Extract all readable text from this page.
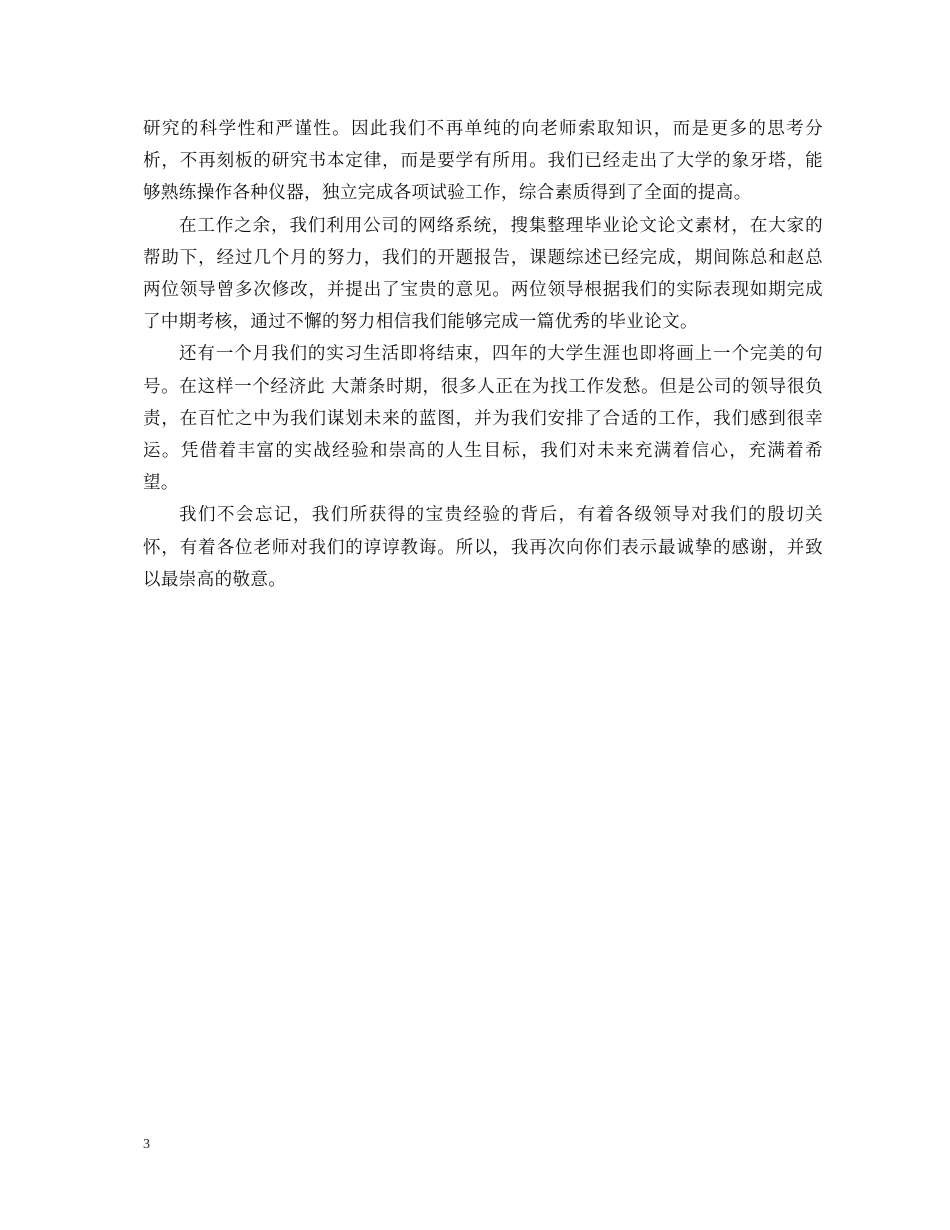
研究的科学性和严谨性。因此我们不再单纯的向老师索取知识，而是更多的思考分析，不再刻板的研究书本定律，而是要学有所用。我们已经走出了大学的象牙塔，能够熟练操作各种仪器，独立完成各项试验工作，综合素质得到了全面的提高。

在工作之余，我们利用公司的网络系统，搜集整理毕业论文论文素材，在大家的帮助下，经过几个月的努力，我们的开题报告，课题综述已经完成，期间陈总和赵总两位领导曾多次修改，并提出了宝贵的意见。两位领导根据我们的实际表现如期完成了中期考核，通过不懈的努力相信我们能够完成一篇优秀的毕业论文。

还有一个月我们的实习生活即将结束，四年的大学生涯也即将画上一个完美的句号。在这样一个经济此 大萧条时期，很多人正在为找工作发愁。但是公司的领导很负责，在百忙之中为我们谋划未来的蓝图，并为我们安排了合适的工作，我们感到很幸运。凭借着丰富的实战经验和崇高的人生目标，我们对未来充满着信心，充满着希望。

我们不会忘记，我们所获得的宝贵经验的背后，有着各级领导对我们的殷切关怀，有着各位老师对我们的谆谆教诲。所以，我再次向你们表示最诚挚的感谢，并致以最崇高的敬意。

3
